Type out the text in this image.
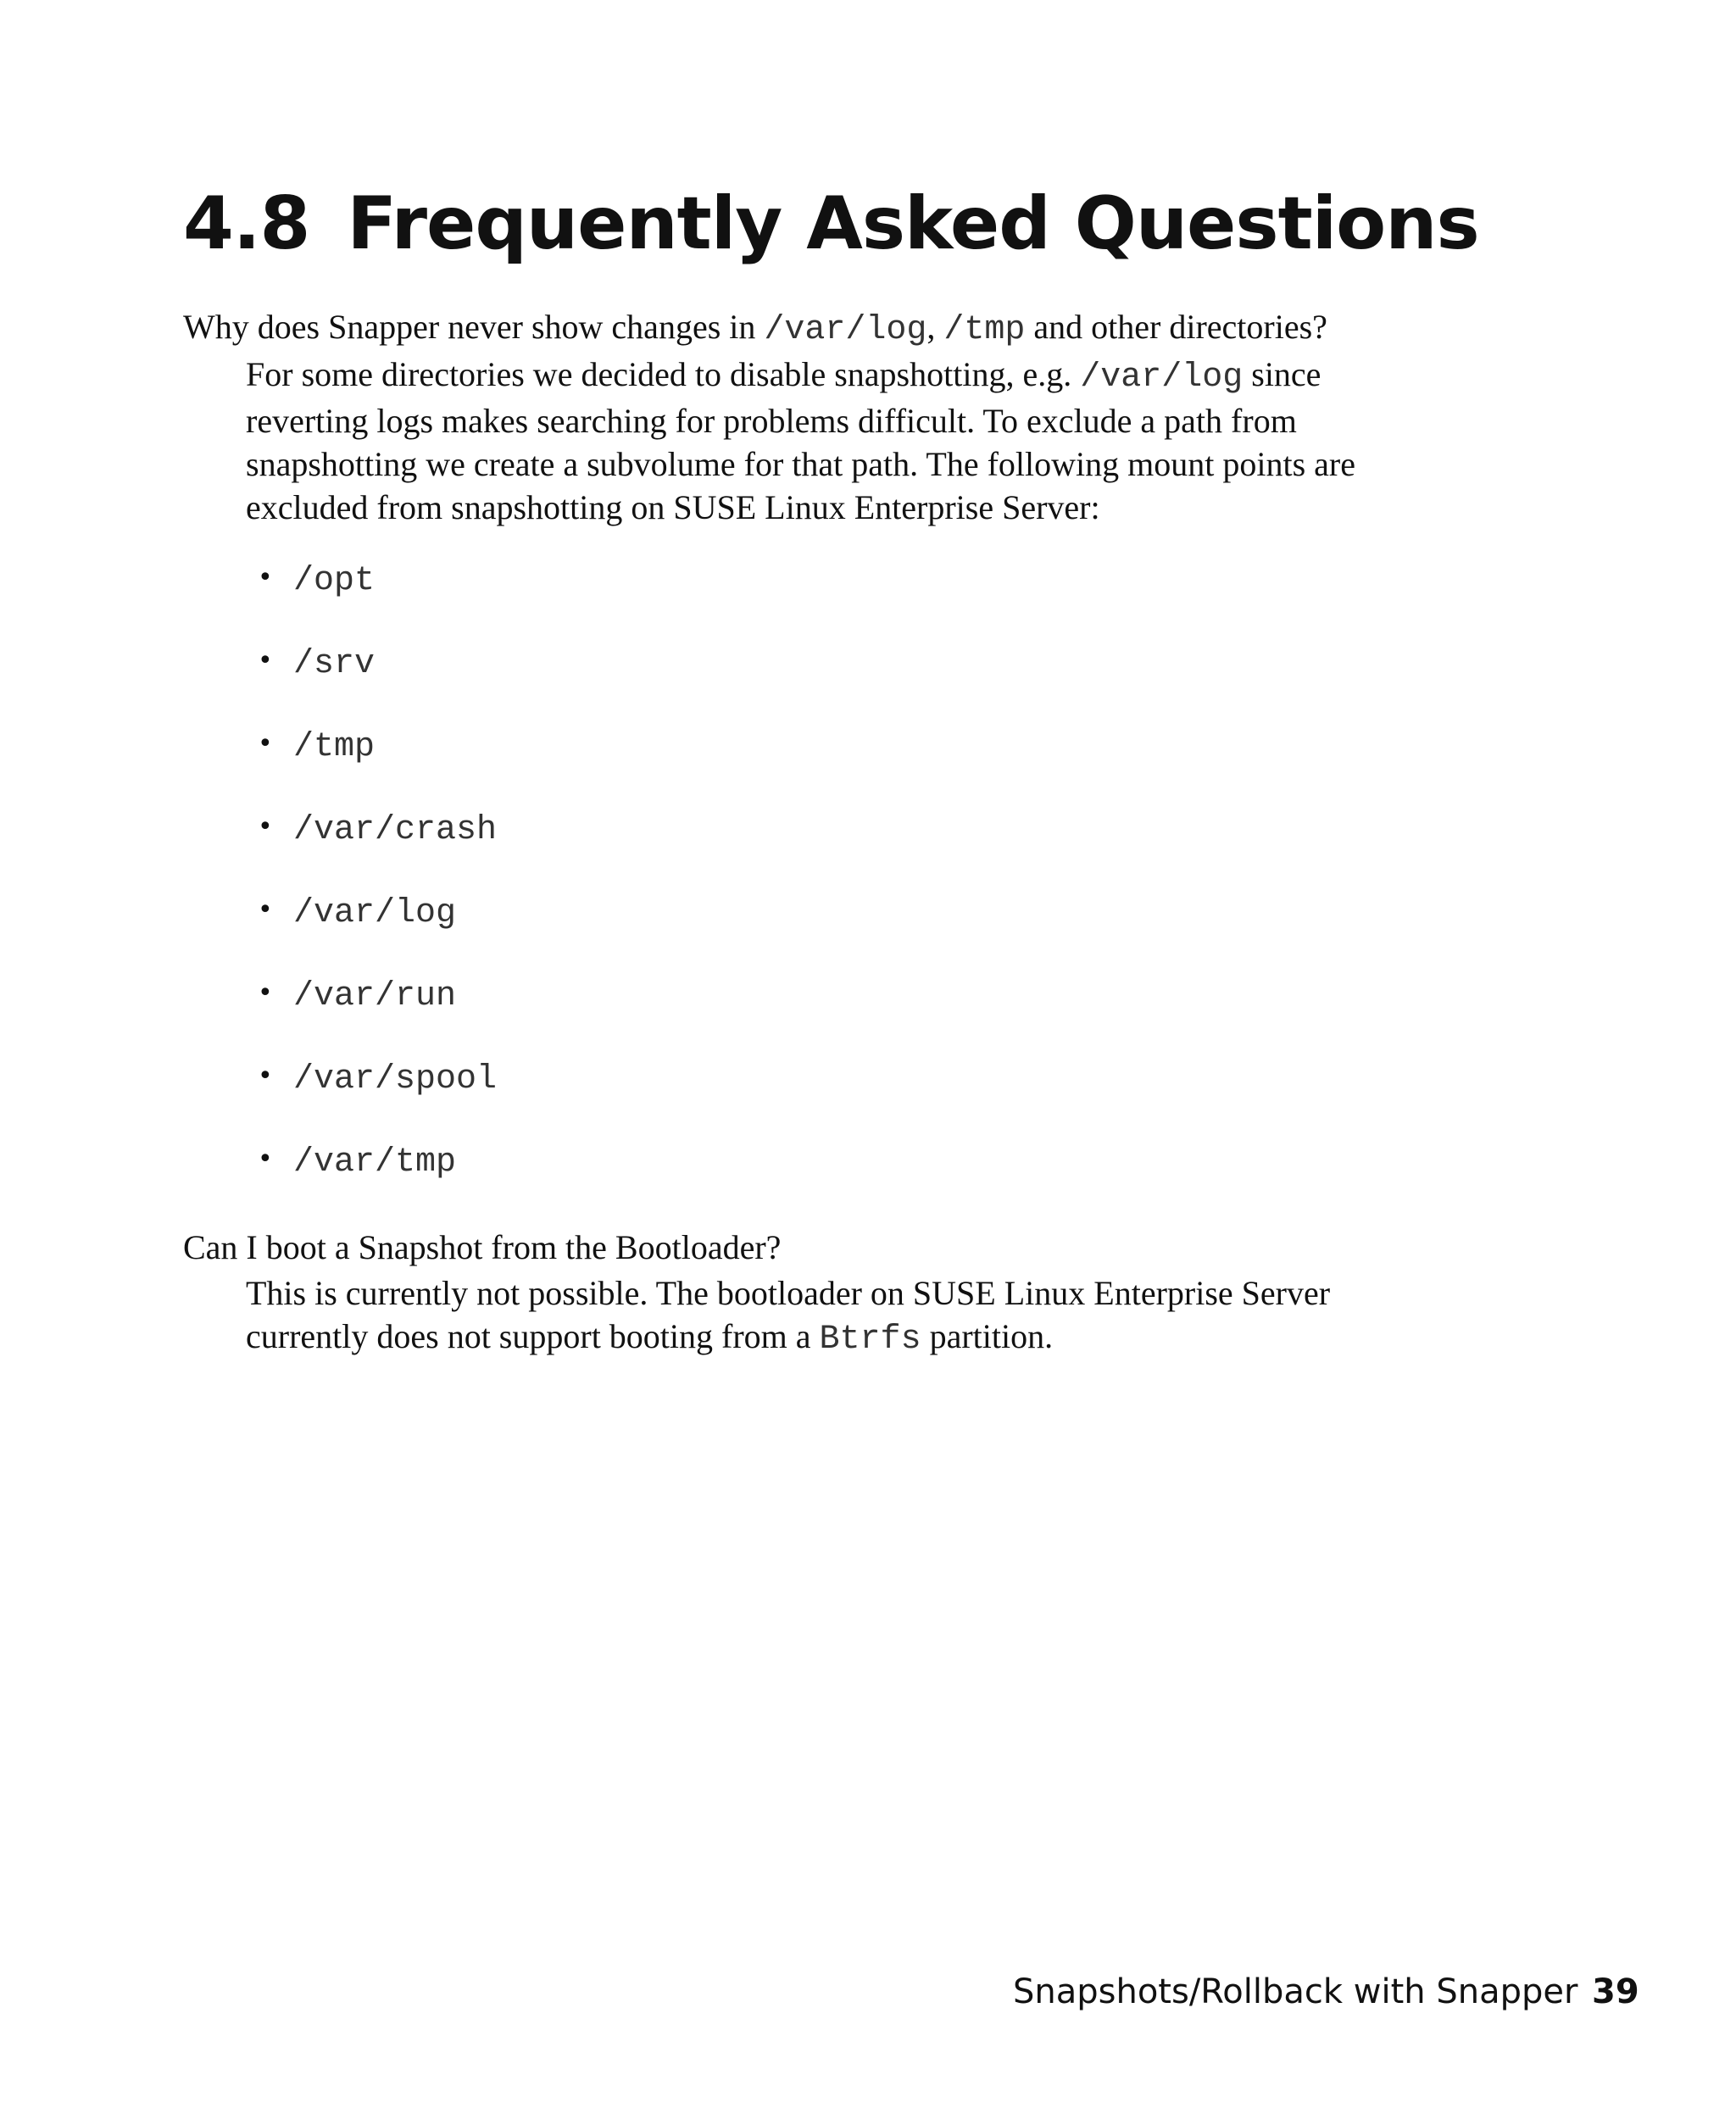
4.8 Frequently Asked Questions

Why does Snapper never show changes in /var/log, /tmp and other directories?

For some directories we decided to disable snapshotting, e.g. /var/log since reverting logs makes searching for problems difficult. To exclude a path from snapshotting we create a subvolume for that path. The following mount points are excluded from snapshotting on SUSE Linux Enterprise Server:

• /opt
• /srv
• /tmp
• /var/crash
• /var/log
• /var/run
• /var/spool
• /var/tmp

Can I boot a Snapshot from the Bootloader?

This is currently not possible. The bootloader on SUSE Linux Enterprise Server currently does not support booting from a Btrfs partition.

Snapshots/Rollback with Snapper 39
